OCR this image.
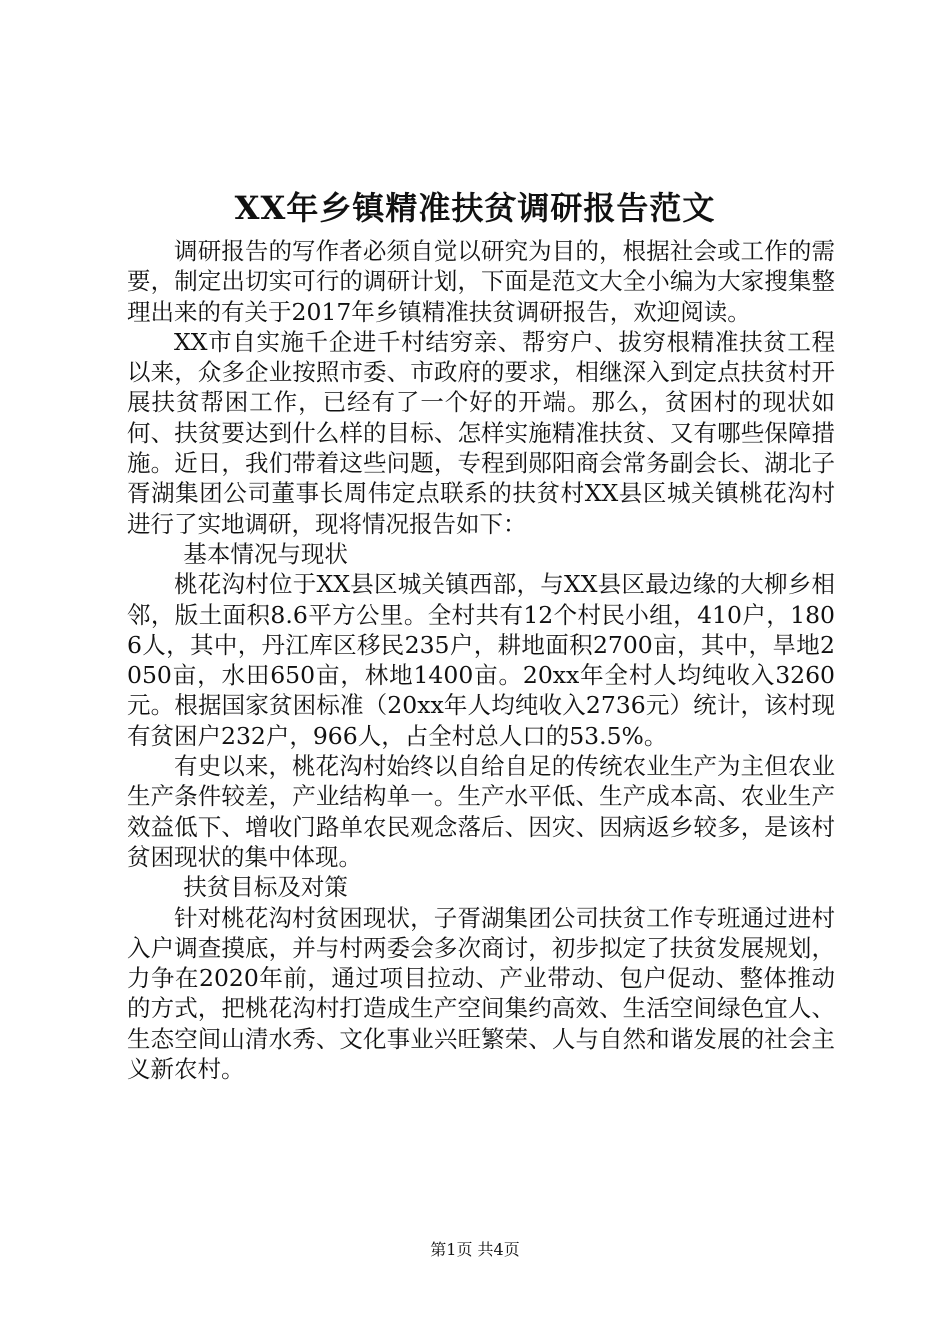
XX年乡镇精准扶贫调研报告范文

调研报告的写作者必须自觉以研究为目的，根据社会或工作的需要，制定出切实可行的调研计划，下面是范文大全小编为大家搜集整理出来的有关于2017年乡镇精准扶贫调研报告，欢迎阅读。

XX市自实施千企进千村结穷亲、帮穷户、拔穷根精准扶贫工程以来，众多企业按照市委、市政府的要求，相继深入到定点扶贫村开展扶贫帮困工作，已经有了一个好的开端。那么，贫困村的现状如何、扶贫要达到什么样的目标、怎样实施精准扶贫、又有哪些保障措施。近日，我们带着这些问题，专程到郧阳商会常务副会长、湖北子胥湖集团公司董事长周伟定点联系的扶贫村XX县区城关镇桃花沟村进行了实地调研，现将情况报告如下：

基本情况与现状

桃花沟村位于XX县区城关镇西部，与XX县区最边缘的大柳乡相邻，版土面积8.6平方公里。全村共有12个村民小组，410户，1806人，其中，丹江库区移民235户，耕地面积2700亩，其中，旱地2050亩，水田650亩，林地1400亩。20xx年全村人均纯收入3260元。根据国家贫困标准（20xx年人均纯收入2736元）统计，该村现有贫困户232户，966人，占全村总人口的53.5%。

有史以来，桃花沟村始终以自给自足的传统农业生产为主但农业生产条件较差，产业结构单一。生产水平低、生产成本高、农业生产效益低下、增收门路单农民观念落后、因灾、因病返乡较多，是该村贫困现状的集中体现。

扶贫目标及对策

针对桃花沟村贫困现状，子胥湖集团公司扶贫工作专班通过进村入户调查摸底，并与村两委会多次商讨，初步拟定了扶贫发展规划，力争在2020年前，通过项目拉动、产业带动、包户促动、整体推动的方式，把桃花沟村打造成生产空间集约高效、生活空间绿色宜人、生态空间山清水秀、文化事业兴旺繁荣、人与自然和谐发展的社会主义新农村。

第1页 共4页
